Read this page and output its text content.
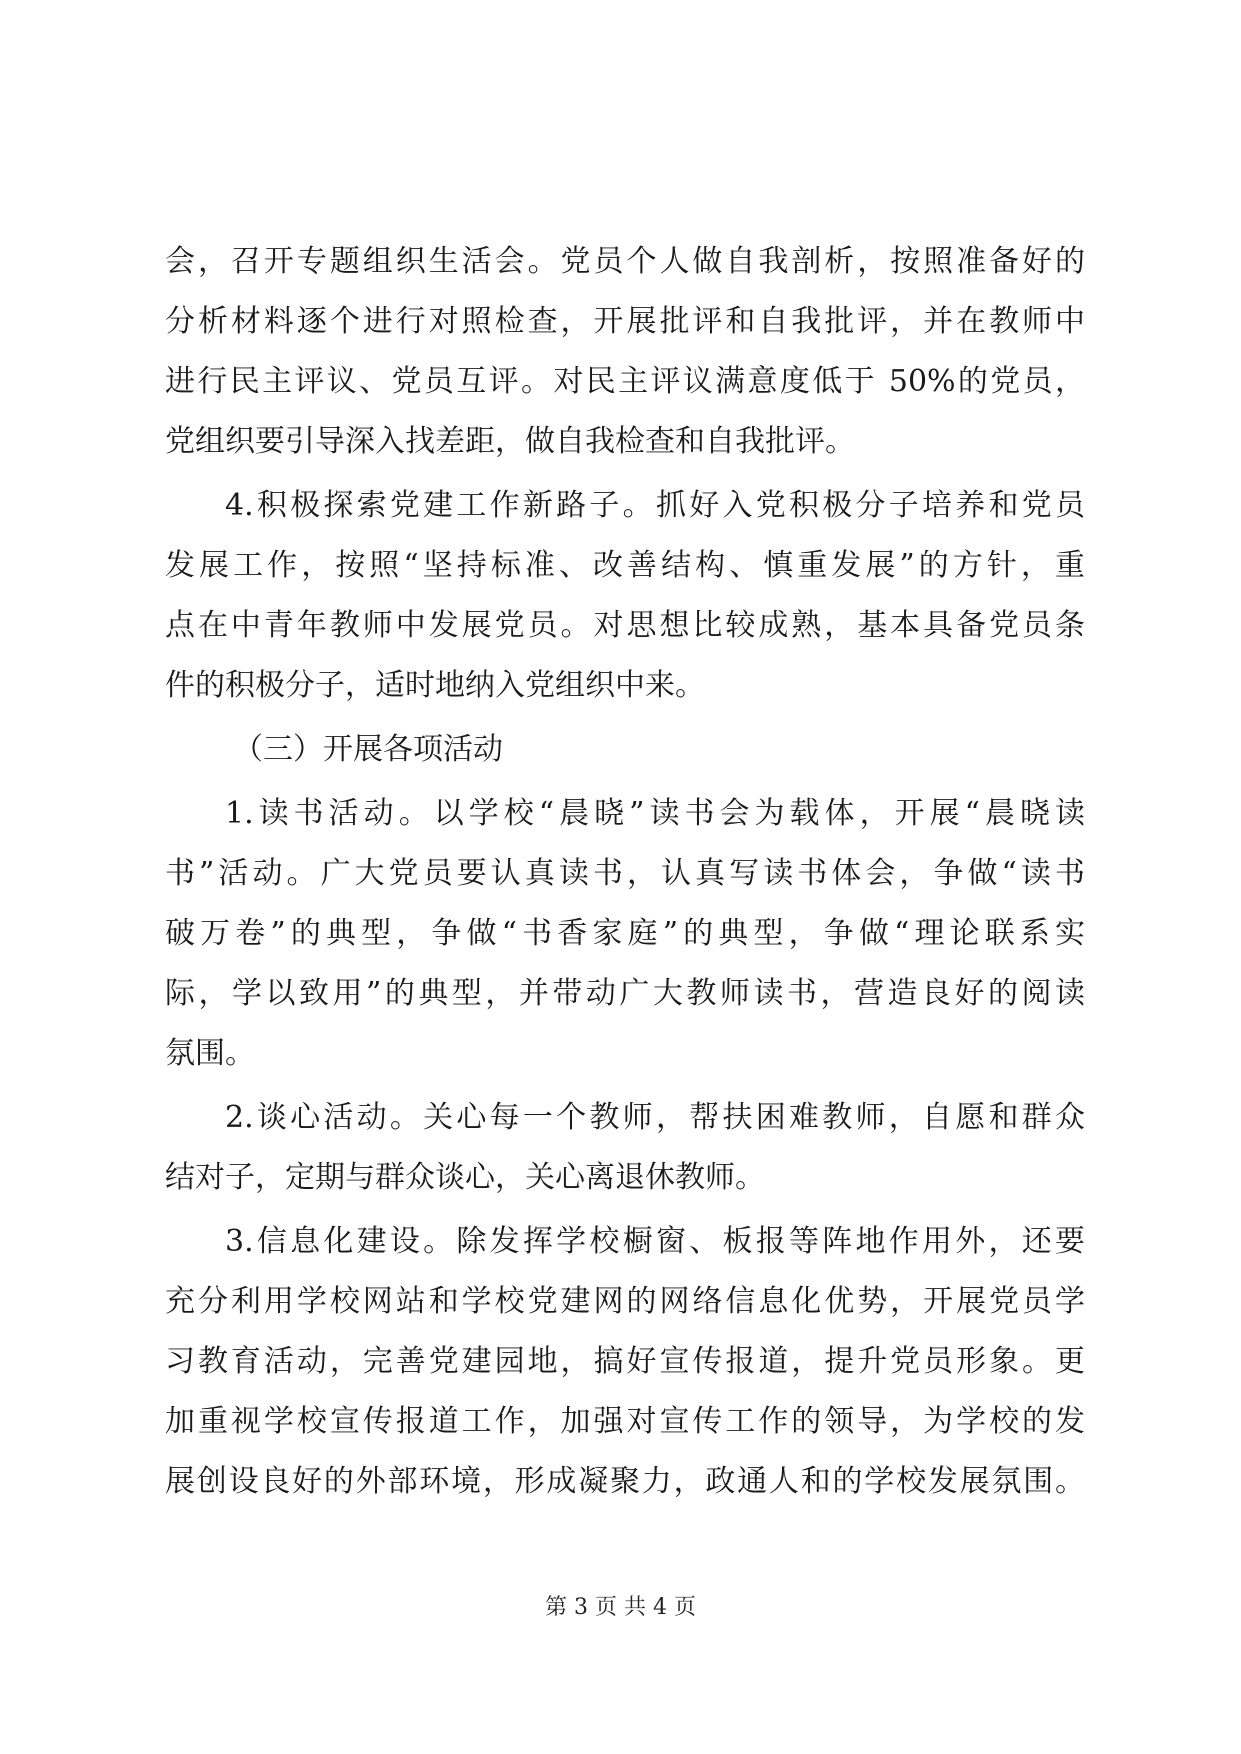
会，召开专题组织生活会。党员个人做自我剖析，按照准备好的
分析材料逐个进行对照检查，开展批评和自我批评，并在教师中
进行民主评议、党员互评。对民主评议满意度低于 50%的党员，
党组织要引导深入找差距，做自我检查和自我批评。
4.积极探索党建工作新路子。抓好入党积极分子培养和党员
发展工作，按照“坚持标准、改善结构、慎重发展”的方针，重
点在中青年教师中发展党员。对思想比较成熟，基本具备党员条
件的积极分子，适时地纳入党组织中来。
（三）开展各项活动
1.读书活动。以学校“晨晓”读书会为载体，开展“晨晓读
书”活动。广大党员要认真读书，认真写读书体会，争做“读书
破万卷”的典型，争做“书香家庭”的典型，争做“理论联系实
际，学以致用”的典型，并带动广大教师读书，营造良好的阅读
氛围。
2.谈心活动。关心每一个教师，帮扶困难教师，自愿和群众
结对子，定期与群众谈心，关心离退休教师。
3.信息化建设。除发挥学校橱窗、板报等阵地作用外，还要
充分利用学校网站和学校党建网的网络信息化优势，开展党员学
习教育活动，完善党建园地，搞好宣传报道，提升党员形象。更
加重视学校宣传报道工作，加强对宣传工作的领导，为学校的发
展创设良好的外部环境，形成凝聚力，政通人和的学校发展氛围。
第 3 页 共 4 页
